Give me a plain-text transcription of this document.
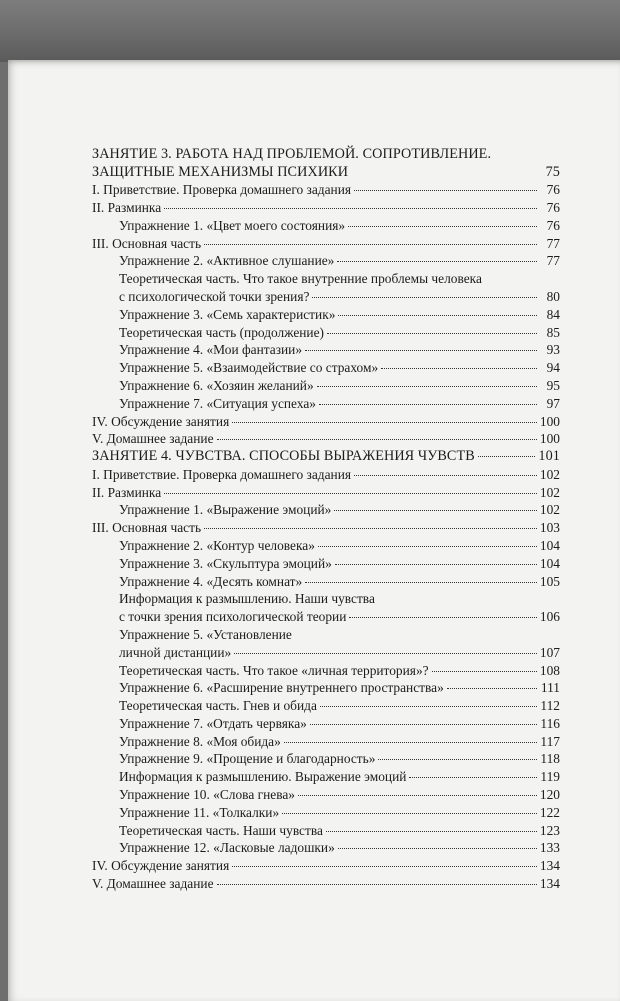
ЗАНЯТИЕ 3. РАБОТА НАД ПРОБЛЕМОЙ. СОПРОТИВЛЕНИЕ.
ЗАЩИТНЫЕ МЕХАНИЗМЫ ПСИХИКИ	75
I. Приветствие. Проверка домашнего задания	76
II. Разминка	76
Упражнение 1. «Цвет моего состояния»	76
III. Основная часть	77
Упражнение 2. «Активное слушание»	77
Теоретическая часть. Что такое внутренние проблемы человека
с психологической точки зрения?	80
Упражнение 3. «Семь характеристик»	84
Теоретическая часть (продолжение)	85
Упражнение 4. «Мои фантазии»	93
Упражнение 5. «Взаимодействие со страхом»	94
Упражнение 6. «Хозяин желаний»	95
Упражнение 7. «Ситуация успеха»	97
IV. Обсуждение занятия	100
V. Домашнее задание	100
ЗАНЯТИЕ 4. ЧУВСТВА. СПОСОБЫ ВЫРАЖЕНИЯ ЧУВСТВ	101
I. Приветствие. Проверка домашнего задания	102
II. Разминка	102
Упражнение 1. «Выражение эмоций»	102
III. Основная часть	103
Упражнение 2. «Контур человека»	104
Упражнение 3. «Скульптура эмоций»	104
Упражнение 4. «Десять комнат»	105
Информация к размышлению. Наши чувства
с точки зрения психологической теории	106
Упражнение 5. «Установление
личной дистанции»	107
Теоретическая часть. Что такое «личная территория»?	108
Упражнение 6. «Расширение внутреннего пространства»	111
Теоретическая часть. Гнев и обида	112
Упражнение 7. «Отдать червяка»	116
Упражнение 8. «Моя обида»	117
Упражнение 9. «Прощение и благодарность»	118
Информация к размышлению. Выражение эмоций	119
Упражнение 10. «Слова гнева»	120
Упражнение 11. «Толкалки»	122
Теоретическая часть. Наши чувства	123
Упражнение 12. «Ласковые ладошки»	133
IV. Обсуждение занятия	134
V. Домашнее задание	134
